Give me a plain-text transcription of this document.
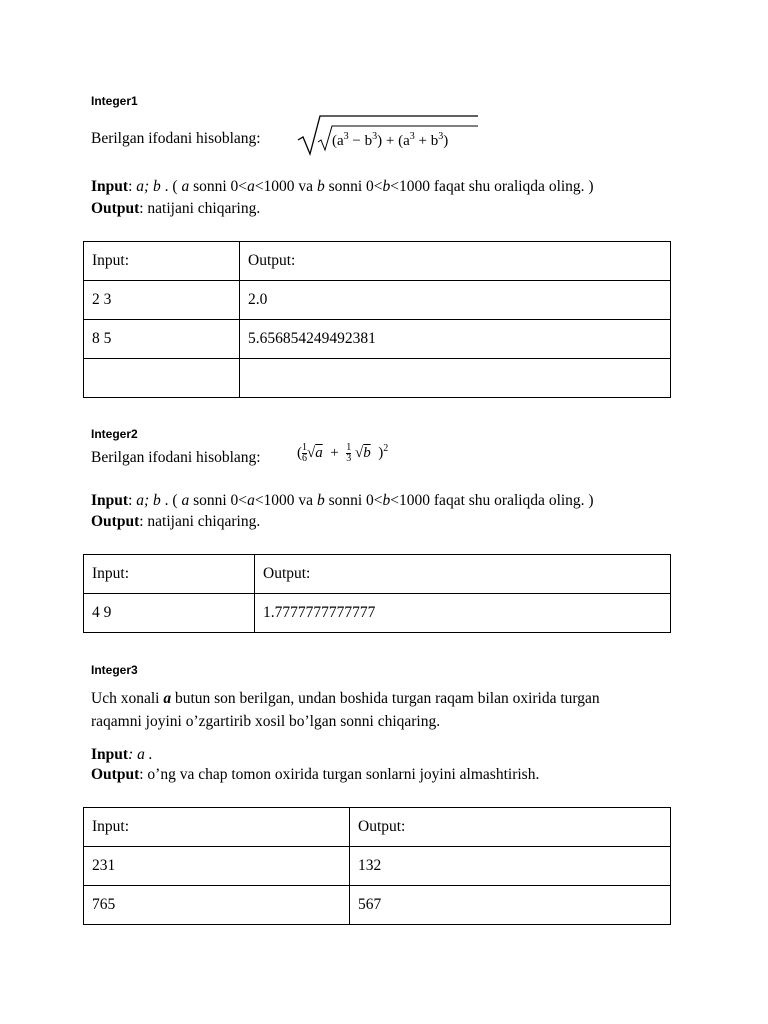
Integer1
Berilgan ifodani hisoblang:	$(a^3 - b^3) + (a^3 + b^3)$
Input: a; b . ( a sonni 0<a<1000 va b sonni 0<b<1000 faqat shu oraliqda oling. )
Output: natijani chiqaring.
Input:	Output:
2 3	2.0
8 5	5.656854249492381

Integer2
Berilgan ifodani hisoblang: ( $\frac{1}{6} √a + \frac{1}{3} √b$ )$^2$
Input: a; b . ( a sonni 0<a<1000 va b sonni 0<b<1000 faqat shu oraliqda oling. )
Output: natijani chiqaring.
Input:	Output:
4 9	1.7777777777777
Integer3
Uch xonali a butun son berilgan, undan boshida turgan raqam bilan oxirida turgan
raqamni joyini o’zgartirib xosil bo’lgan sonni chiqaring.
Input: a .
Output: o’ng va chap tomon oxirida turgan sonlarni joyini almashtirish.
Input:	Output:
231	132
765	567
